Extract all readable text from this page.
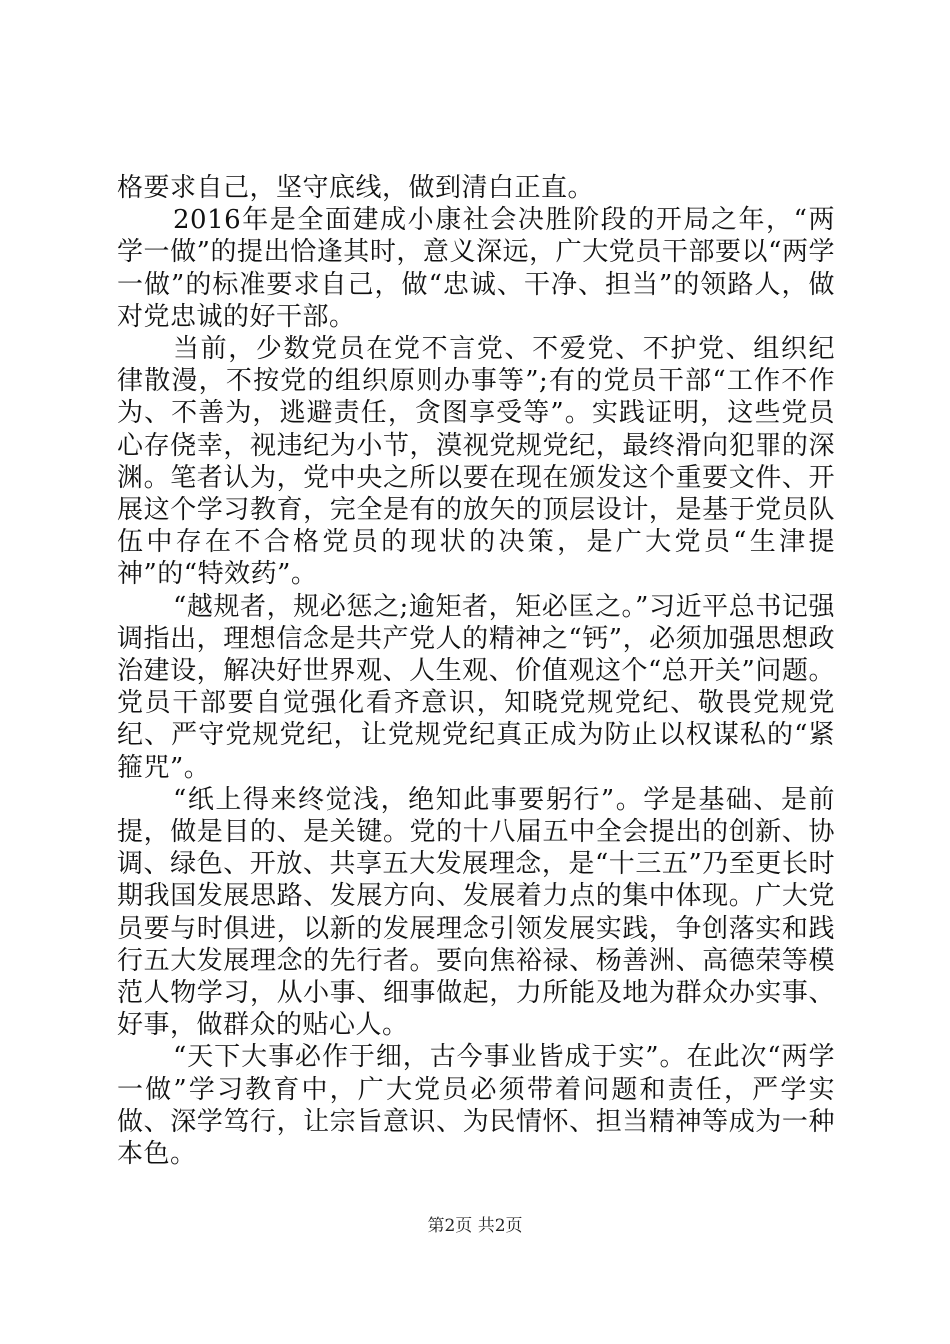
格要求自己，坚守底线，做到清白正直。

2016年是全面建成小康社会决胜阶段的开局之年，“两学一做”的提出恰逢其时，意义深远，广大党员干部要以“两学一做”的标准要求自己，做“忠诚、干净、担当”的领路人，做对党忠诚的好干部。

当前，少数党员在党不言党、不爱党、不护党、组织纪律散漫，不按党的组织原则办事等”;有的党员干部“工作不作为、不善为，逃避责任，贪图享受等”。实践证明，这些党员心存侥幸，视违纪为小节，漠视党规党纪，最终滑向犯罪的深渊。笔者认为，党中央之所以要在现在颁发这个重要文件、开展这个学习教育，完全是有的放矢的顶层设计，是基于党员队伍中存在不合格党员的现状的决策，是广大党员“生津提神”的“特效药”。

“越规者，规必惩之;逾矩者，矩必匡之。”习近平总书记强调指出，理想信念是共产党人的精神之“钙”，必须加强思想政治建设，解决好世界观、人生观、价值观这个“总开关”问题。党员干部要自觉强化看齐意识，知晓党规党纪、敬畏党规党纪、严守党规党纪，让党规党纪真正成为防止以权谋私的“紧箍咒”。

“纸上得来终觉浅，绝知此事要躬行”。学是基础、是前提，做是目的、是关键。党的十八届五中全会提出的创新、协调、绿色、开放、共享五大发展理念，是“十三五”乃至更长时期我国发展思路、发展方向、发展着力点的集中体现。广大党员要与时俱进，以新的发展理念引领发展实践，争创落实和践行五大发展理念的先行者。要向焦裕禄、杨善洲、高德荣等模范人物学习，从小事、细事做起，力所能及地为群众办实事、好事，做群众的贴心人。

“天下大事必作于细，古今事业皆成于实”。在此次“两学一做”学习教育中，广大党员必须带着问题和责任，严学实做、深学笃行，让宗旨意识、为民情怀、担当精神等成为一种本色。

第2页 共2页
